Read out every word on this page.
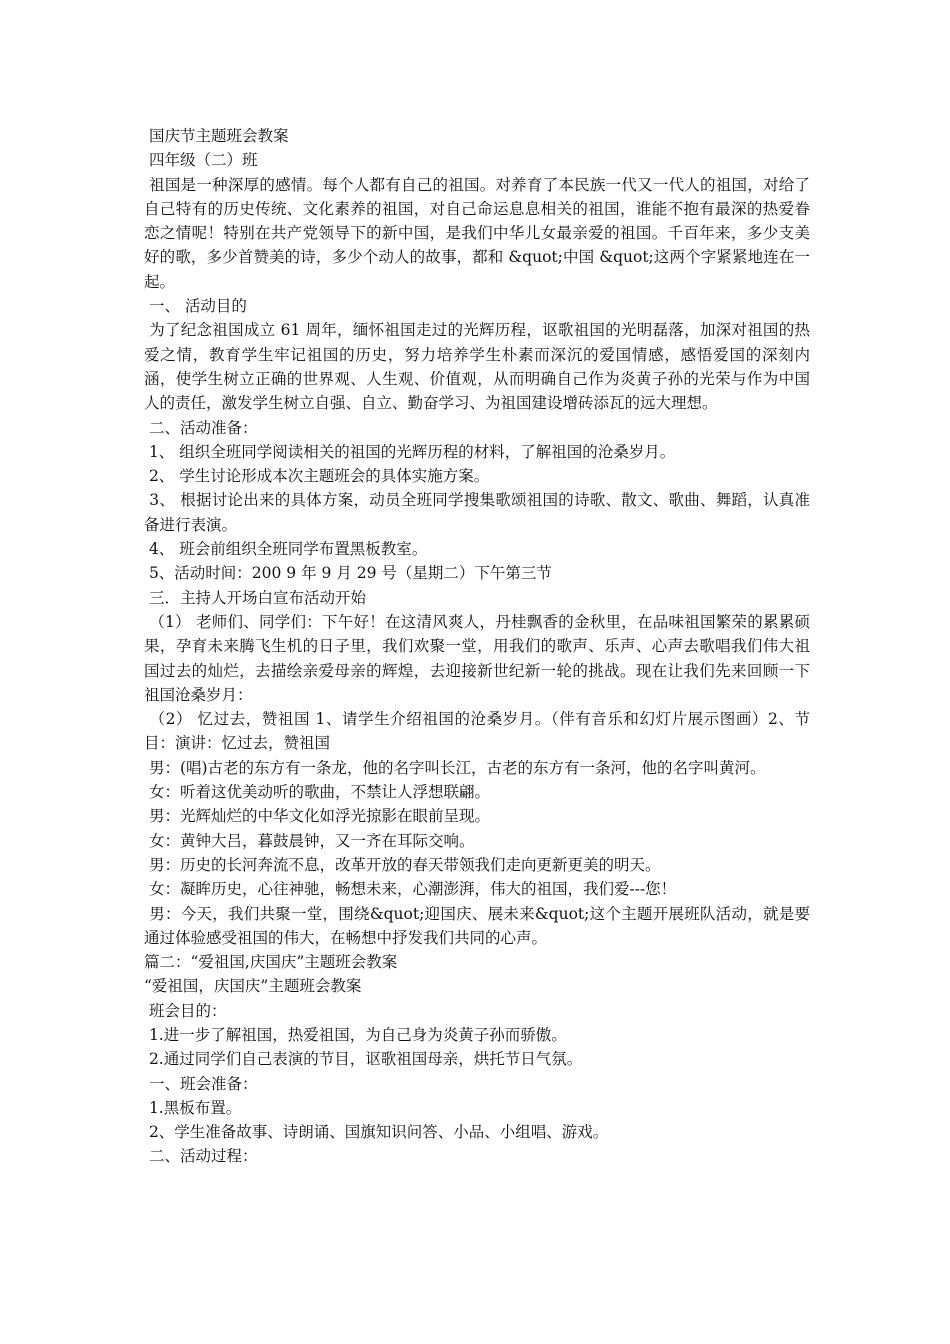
国庆节主题班会教案

四年级（二）班

祖国是一种深厚的感情。每个人都有自己的祖国。对养育了本民族一代又一代人的祖国，对给了自己特有的历史传统、文化素养的祖国，对自己命运息息相关的祖国，谁能不抱有最深的热爱眷恋之情呢！特别在共产党领导下的新中国，是我们中华儿女最亲爱的祖国。千百年来，多少支美好的歌，多少首赞美的诗，多少个动人的故事，都和 &quot;中国 &quot;这两个字紧紧地连在一起。

一、 活动目的

为了纪念祖国成立 61 周年，缅怀祖国走过的光辉历程，讴歌祖国的光明磊落，加深对祖国的热爱之情，教育学生牢记祖国的历史，努力培养学生朴素而深沉的爱国情感，感悟爱国的深刻内涵，使学生树立正确的世界观、人生观、价值观，从而明确自己作为炎黄子孙的光荣与作为中国人的责任，激发学生树立自强、自立、勤奋学习、为祖国建设增砖添瓦的远大理想。

二、活动准备：

1、 组织全班同学阅读相关的祖国的光辉历程的材料，了解祖国的沧桑岁月。

2、 学生讨论形成本次主题班会的具体实施方案。

3、 根据讨论出来的具体方案，动员全班同学搜集歌颂祖国的诗歌、散文、歌曲、舞蹈，认真准备进行表演。

4、 班会前组织全班同学布置黑板教室。

5、活动时间：200 9 年 9 月 29 号（星期二）下午第三节

三．主持人开场白宣布活动开始

（1） 老师们、同学们：下午好！在这清风爽人，丹桂飘香的金秋里，在品味祖国繁荣的累累硕果，孕育未来腾飞生机的日子里，我们欢聚一堂，用我们的歌声、乐声、心声去歌唱我们伟大祖国过去的灿烂，去描绘亲爱母亲的辉煌，去迎接新世纪新一轮的挑战。现在让我们先来回顾一下祖国沧桑岁月：

（2） 忆过去，赞祖国 1、请学生介绍祖国的沧桑岁月。（伴有音乐和幻灯片展示图画）2、节目：演讲：忆过去，赞祖国

男：(唱)古老的东方有一条龙，他的名字叫长江，古老的东方有一条河，他的名字叫黄河。

女：听着这优美动听的歌曲，不禁让人浮想联翩。

男：光辉灿烂的中华文化如浮光掠影在眼前呈现。

女：黄钟大吕，暮鼓晨钟，又一齐在耳际交响。

男：历史的长河奔流不息，改革开放的春天带领我们走向更新更美的明天。

女：凝眸历史，心往神驰，畅想未来，心潮澎湃，伟大的祖国，我们爱---您！

男：今天，我们共聚一堂，围绕&quot;迎国庆、展未来&quot;这个主题开展班队活动，就是要通过体验感受祖国的伟大，在畅想中抒发我们共同的心声。

篇二：“爱祖国,庆国庆”主题班会教案

“爱祖国，庆国庆”主题班会教案

班会目的：

1.进一步了解祖国，热爱祖国，为自己身为炎黄子孙而骄傲。

2.通过同学们自己表演的节目，讴歌祖国母亲，烘托节日气氛。

一、班会准备：

1.黑板布置。

2、学生准备故事、诗朗诵、国旗知识问答、小品、小组唱、游戏。

二、活动过程：
